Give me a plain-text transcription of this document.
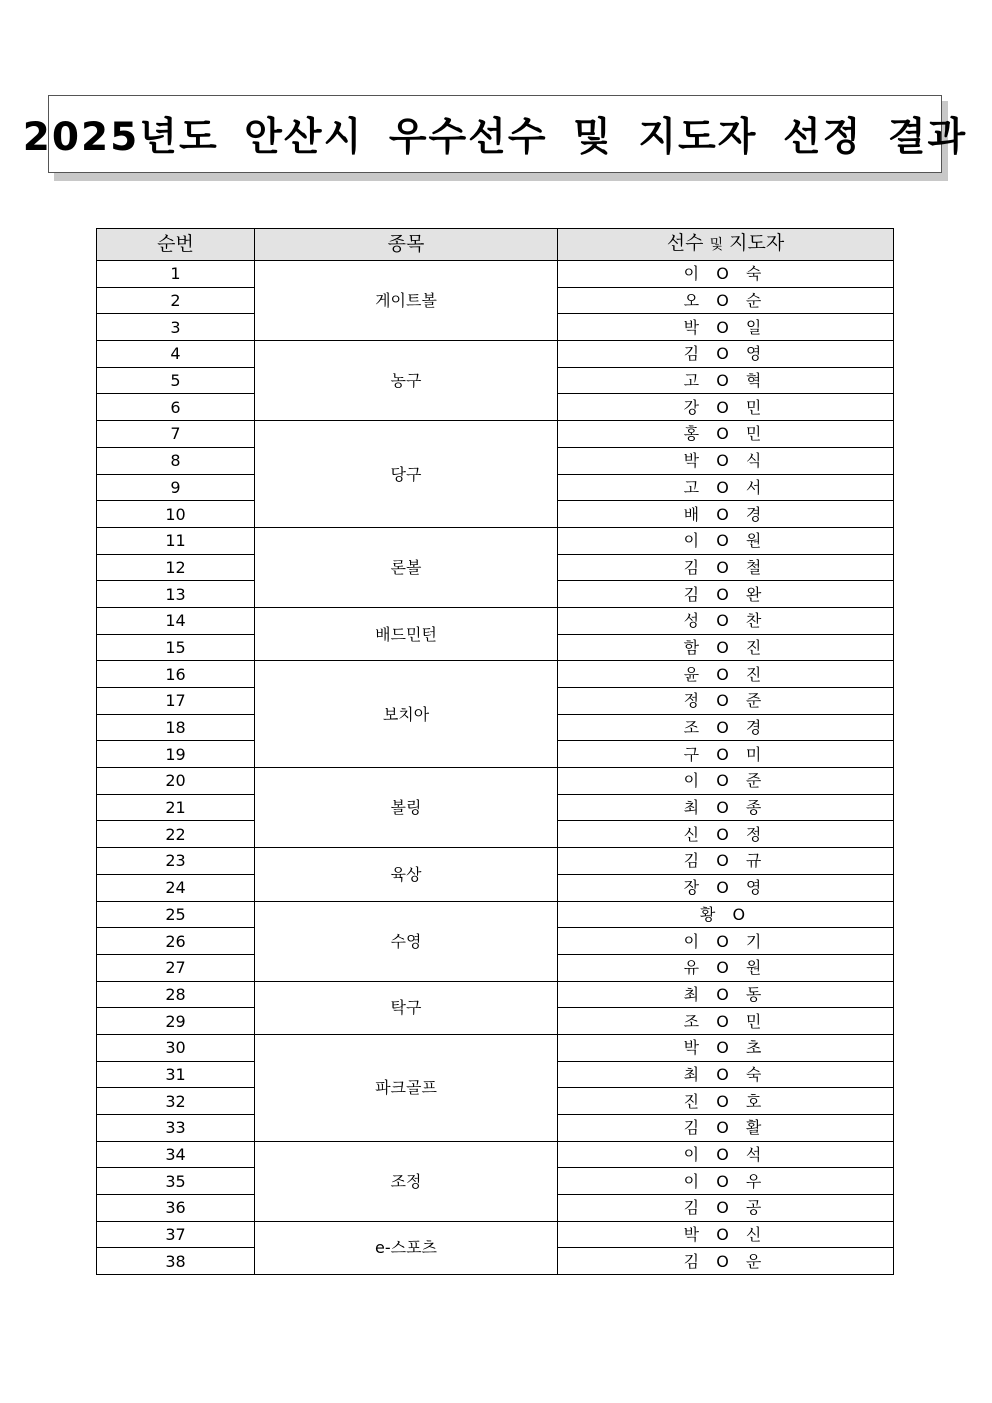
2025년도 안산시 우수선수 및 지도자 선정 결과
순번	종목	선수 및 지도자
1	게이트볼	이 O 숙
2		오 O 순
3		박 O 일
4	농구	김 O 영
5		고 O 혁
6		강 O 민
7	당구	홍 O 민
8		박 O 식
9		고 O 서
10		배 O 경
11	론볼	이 O 원
12		김 O 철
13		김 O 완
14	배드민턴	성 O 찬
15		함 O 진
16	보치아	윤 O 진
17		정 O 준
18		조 O 경
19		구 O 미
20	볼링	이 O 준
21		최 O 종
22		신 O 정
23	육상	김 O 규
24		장 O 영
25	수영	황 O
26		이 O 기
27		유 O 원
28	탁구	최 O 동
29		조 O 민
30	파크골프	박 O 초
31		최 O 숙
32		진 O 호
33		김 O 활
34	조정	이 O 석
35		이 O 우
36		김 O 공
37	e-스포츠	박 O 신
38		김 O 운
